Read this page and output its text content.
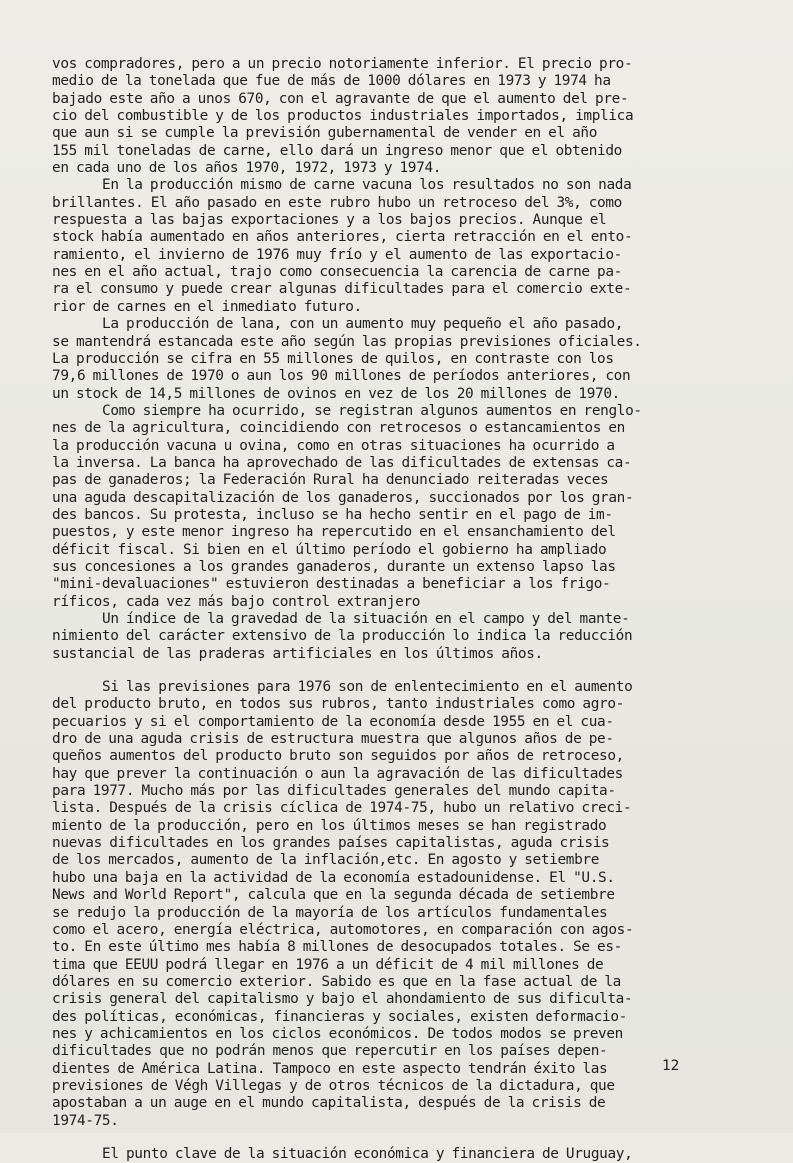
vos compradores, pero a un precio notoriamente inferior. El precio pro-
medio de la tonelada que fue de más de 1000 dólares en 1973 y 1974 ha
bajado este año a unos 670, con el agravante de que el aumento del pre-
cio del combustible y de los productos industriales importados, implica
que aun si se cumple la previsión gubernamental de vender en el año
155 mil toneladas de carne, ello dará un ingreso menor que el obtenido
en cada uno de los años 1970, 1972, 1973 y 1974.

En la producción mismo de carne vacuna los resultados no son nada
brillantes. El año pasado en este rubro hubo un retroceso del 3%, como
respuesta a las bajas exportaciones y a los bajos precios. Aunque el
stock había aumentado en años anteriores, cierta retracción en el ento-
ramiento, el invierno de 1976 muy frío y el aumento de las exportacio-
nes en el año actual, trajo como consecuencia la carencia de carne pa-
ra el consumo y puede crear algunas dificultades para el comercio exte-
rior de carnes en el inmediato futuro.

La producción de lana, con un aumento muy pequeño el año pasado,
se mantendrá estancada este año según las propias previsiones oficiales.
La producción se cifra en 55 millones de quilos, en contraste con los
79,6 millones de 1970 o aun los 90 millones de períodos anteriores, con
un stock de 14,5 millones de ovinos en vez de los 20 millones de 1970.

Como siempre ha ocurrido, se registran algunos aumentos en renglo-
nes de la agricultura, coincidiendo con retrocesos o estancamientos en
la producción vacuna u ovina, como en otras situaciones ha ocurrido a
la inversa. La banca ha aprovechado de las dificultades de extensas ca-
pas de ganaderos; la Federación Rural ha denunciado reiteradas veces
una aguda descapitalización de los ganaderos, succionados por los gran-
des bancos. Su protesta, incluso se ha hecho sentir en el pago de im-
puestos, y este menor ingreso ha repercutido en el ensanchamiento del
déficit fiscal. Si bien en el último período el gobierno ha ampliado
sus concesiones a los grandes ganaderos, durante un extenso lapso las
"mini-devaluaciones" estuvieron destinadas a beneficiar a los frigo-
ríficos, cada vez más bajo control extranjero

Un índice de la gravedad de la situación en el campo y del mante-
nimiento del carácter extensivo de la producción lo indica la reducción
sustancial de las praderas artificiales en los últimos años.

Si las previsiones para 1976 son de enlentecimiento en el aumento
del producto bruto, en todos sus rubros, tanto industriales como agro-
pecuarios y si el comportamiento de la economía desde 1955 en el cua-
dro de una aguda crisis de estructura muestra que algunos años de pe-
queños aumentos del producto bruto son seguidos por años de retroceso,
hay que prever la continuación o aun la agravación de las dificultades
para 1977. Mucho más por las dificultades generales del mundo capita-
lista. Después de la crisis cíclica de 1974-75, hubo un relativo creci-
miento de la producción, pero en los últimos meses se han registrado
nuevas dificultades en los grandes países capitalistas, aguda crisis
de los mercados, aumento de la inflación,etc. En agosto y setiembre
hubo una baja en la actividad de la economía estadounidense. El "U.S.
News and World Report", calcula que en la segunda década de setiembre
se redujo la producción de la mayoría de los artículos fundamentales
como el acero, energía eléctrica, automotores, en comparación con agos-
to. En este último mes había 8 millones de desocupados totales. Se es-
tima que EEUU podrá llegar en 1976 a un déficit de 4 mil millones de
dólares en su comercio exterior. Sabido es que en la fase actual de la
crisis general del capitalismo y bajo el ahondamiento de sus dificulta-
des políticas, económicas, financieras y sociales, existen deformacio-
nes y achicamientos en los ciclos económicos. De todos modos se preven
dificultades que no podrán menos que repercutir en los países depen-
dientes de América Latina. Tampoco en este aspecto tendrán éxito las
previsiones de Végh Villegas y de otros técnicos de la dictadura, que
apostaban a un auge en el mundo capitalista, después de la crisis de
1974-75.

El punto clave de la situación económica y financiera de Uruguay,

12
